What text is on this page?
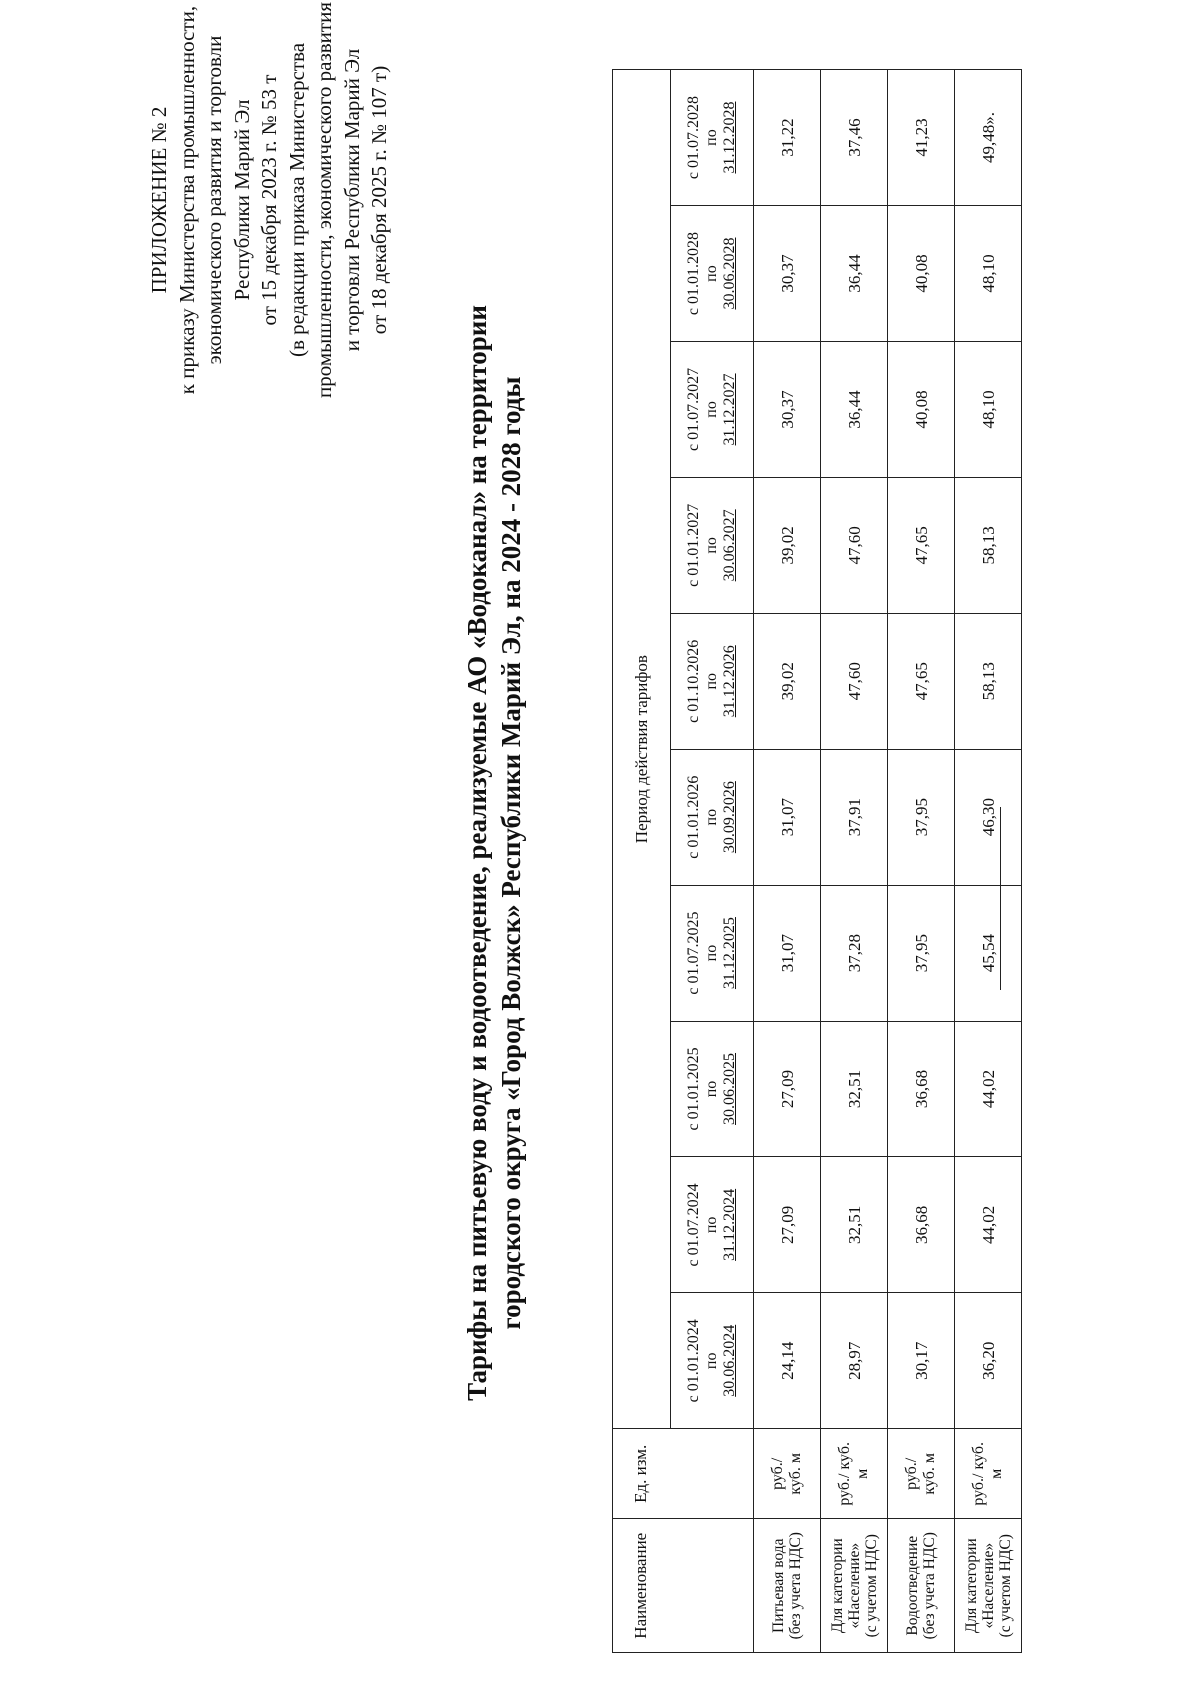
ПРИЛОЖЕНИЕ № 2 к приказу Министерства промышленности, экономического развития и торговли Республики Марий Эл от 15 декабря 2023 г. № 53 т (в редакции приказа Министерства промышленности, экономического развития и торговли Республики Марий Эл от 18 декабря 2025 г. № 107 т)
Тарифы на питьевую воду и водоотведение, реализуемые АО «Водоканал» на территории городского округа «Город Волжск» Республики Марий Эл, на 2024 - 2028 годы
Наименование	Ед. изм.	Период действия тарифов									

		с 01.01.2024 по 30.06.2024	с 01.07.2024 по 31.12.2024	с 01.01.2025 по 30.06.2025	с 01.07.2025 по 31.12.2025	с 01.01.2026 по 30.09.2026	с 01.10.2026 по 31.12.2026	с 01.01.2027 по 30.06.2027	с 01.07.2027 по 31.12.2027	с 01.01.2028 по 30.06.2028	с 01.07.2028 по 31.12.2028

Питьевая вода (без учета НДС)	руб./ куб. м	24,14	27,09	27,09	31,07	31,07	39,02	39,02	30,37	30,37	31,22

Для категории «Население» (с учетом НДС)	руб./ куб. м	28,97	32,51	32,51	37,28	37,91	47,60	47,60	36,44	36,44	37,46

Водоотведение (без учета НДС)	руб./ куб. м	30,17	36,68	36,68	37,95	37,95	47,65	47,65	40,08	40,08	41,23

Для категории «Население» (с учетом НДС)	руб./ куб. м	36,20	44,02	44,02	45,54	46,30	58,13	58,13	48,10	48,10	49,48».
